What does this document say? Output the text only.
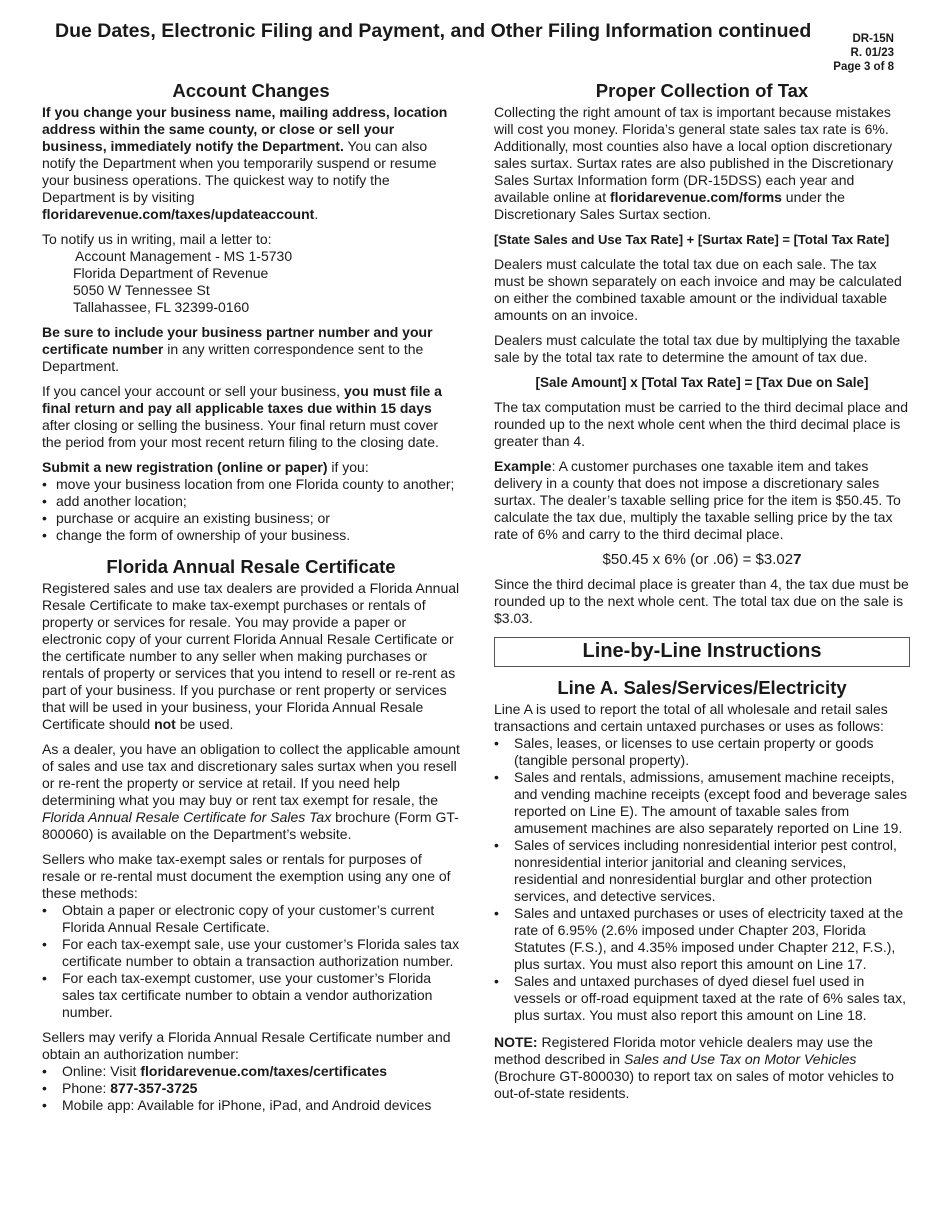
Due Dates, Electronic Filing and Payment, and Other Filing Information continued	DR-15N
R. 01/23
Page 3 of 8
Account Changes

If you change your business name, mailing address, location address within the same county, or close or sell your business, immediately notify the Department. You can also notify the Department when you temporarily suspend or resume your business operations. The quickest way to notify the Department is by visiting floridarevenue.com/taxes/updateaccount.

To notify us in writing, mail a letter to:
Account Management - MS 1-5730
Florida Department of Revenue
5050 W Tennessee St
Tallahassee, FL 32399-0160

Be sure to include your business partner number and your certificate number in any written correspondence sent to the Department.

If you cancel your account or sell your business, you must file a final return and pay all applicable taxes due within 15 days after closing or selling the business. Your final return must cover the period from your most recent return filing to the closing date.

Submit a new registration (online or paper) if you:

• move your business location from one Florida county to another;
• add another location;
• purchase or acquire an existing business; or
• change the form of ownership of your business.
Florida Annual Resale Certificate

Registered sales and use tax dealers are provided a Florida Annual Resale Certificate to make tax-exempt purchases or rentals of property or services for resale. You may provide a paper or electronic copy of your current Florida Annual Resale Certificate or the certificate number to any seller when making purchases or rentals of property or services that you intend to resell or re-rent as part of your business. If you purchase or rent property or services that will be used in your business, your Florida Annual Resale Certificate should not be used.

As a dealer, you have an obligation to collect the applicable amount of sales and use tax and discretionary sales surtax when you resell or re-rent the property or service at retail. If you need help determining what you may buy or rent tax exempt for resale, the Florida Annual Resale Certificate for Sales Tax brochure (Form GT-800060) is available on the Department’s website.

Sellers who make tax-exempt sales or rentals for purposes of resale or re-rental must document the exemption using any one of these methods:

• Obtain a paper or electronic copy of your customer’s current Florida Annual Resale Certificate.
• For each tax-exempt sale, use your customer’s Florida sales tax certificate number to obtain a transaction authorization number.
• For each tax-exempt customer, use your customer’s Florida sales tax certificate number to obtain a vendor authorization number.

Sellers may verify a Florida Annual Resale Certificate number and obtain an authorization number:

• Online: Visit floridarevenue.com/taxes/certificates
• Phone: 877-357-3725
• Mobile app: Available for iPhone, iPad, and Android devices
Proper Collection of Tax

Collecting the right amount of tax is important because mistakes will cost you money. Florida’s general state sales tax rate is 6%. Additionally, most counties also have a local option discretionary sales surtax. Surtax rates are also published in the Discretionary Sales Surtax Information form (DR-15DSS) each year and available online at floridarevenue.com/forms under the Discretionary Sales Surtax section.

[State Sales and Use Tax Rate] + [Surtax Rate] = [Total Tax Rate]

Dealers must calculate the total tax due on each sale. The tax must be shown separately on each invoice and may be calculated on either the combined taxable amount or the individual taxable amounts on an invoice.

Dealers must calculate the total tax due by multiplying the taxable sale by the total tax rate to determine the amount of tax due.

[Sale Amount] x [Total Tax Rate] = [Tax Due on Sale]

The tax computation must be carried to the third decimal place and rounded up to the next whole cent when the third decimal place is greater than 4.

Example: A customer purchases one taxable item and takes delivery in a county that does not impose a discretionary sales surtax. The dealer’s taxable selling price for the item is $50.45. To calculate the tax due, multiply the taxable selling price by the tax rate of 6% and carry to the third decimal place.

$50.45 x 6% (or .06) = $3.027

Since the third decimal place is greater than 4, the tax due must be rounded up to the next whole cent. The total tax due on the sale is $3.03.

Line-by-Line Instructions
Line A. Sales/Services/Electricity

Line A is used to report the total of all wholesale and retail sales transactions and certain untaxed purchases or uses as follows:

• Sales, leases, or licenses to use certain property or goods (tangible personal property).
• Sales and rentals, admissions, amusement machine receipts, and vending machine receipts (except food and beverage sales reported on Line E). The amount of taxable sales from amusement machines are also separately reported on Line 19.
• Sales of services including nonresidential interior pest control, nonresidential interior janitorial and cleaning services, residential and nonresidential burglar and other protection services, and detective services.
• Sales and untaxed purchases or uses of electricity taxed at the rate of 6.95% (2.6% imposed under Chapter 203, Florida Statutes (F.S.), and 4.35% imposed under Chapter 212, F.S.), plus surtax. You must also report this amount on Line 17.
• Sales and untaxed purchases of dyed diesel fuel used in vessels or off-road equipment taxed at the rate of 6% sales tax, plus surtax. You must also report this amount on Line 18.

NOTE: Registered Florida motor vehicle dealers may use the method described in Sales and Use Tax on Motor Vehicles (Brochure GT-800030) to report tax on sales of motor vehicles to out-of-state residents.
